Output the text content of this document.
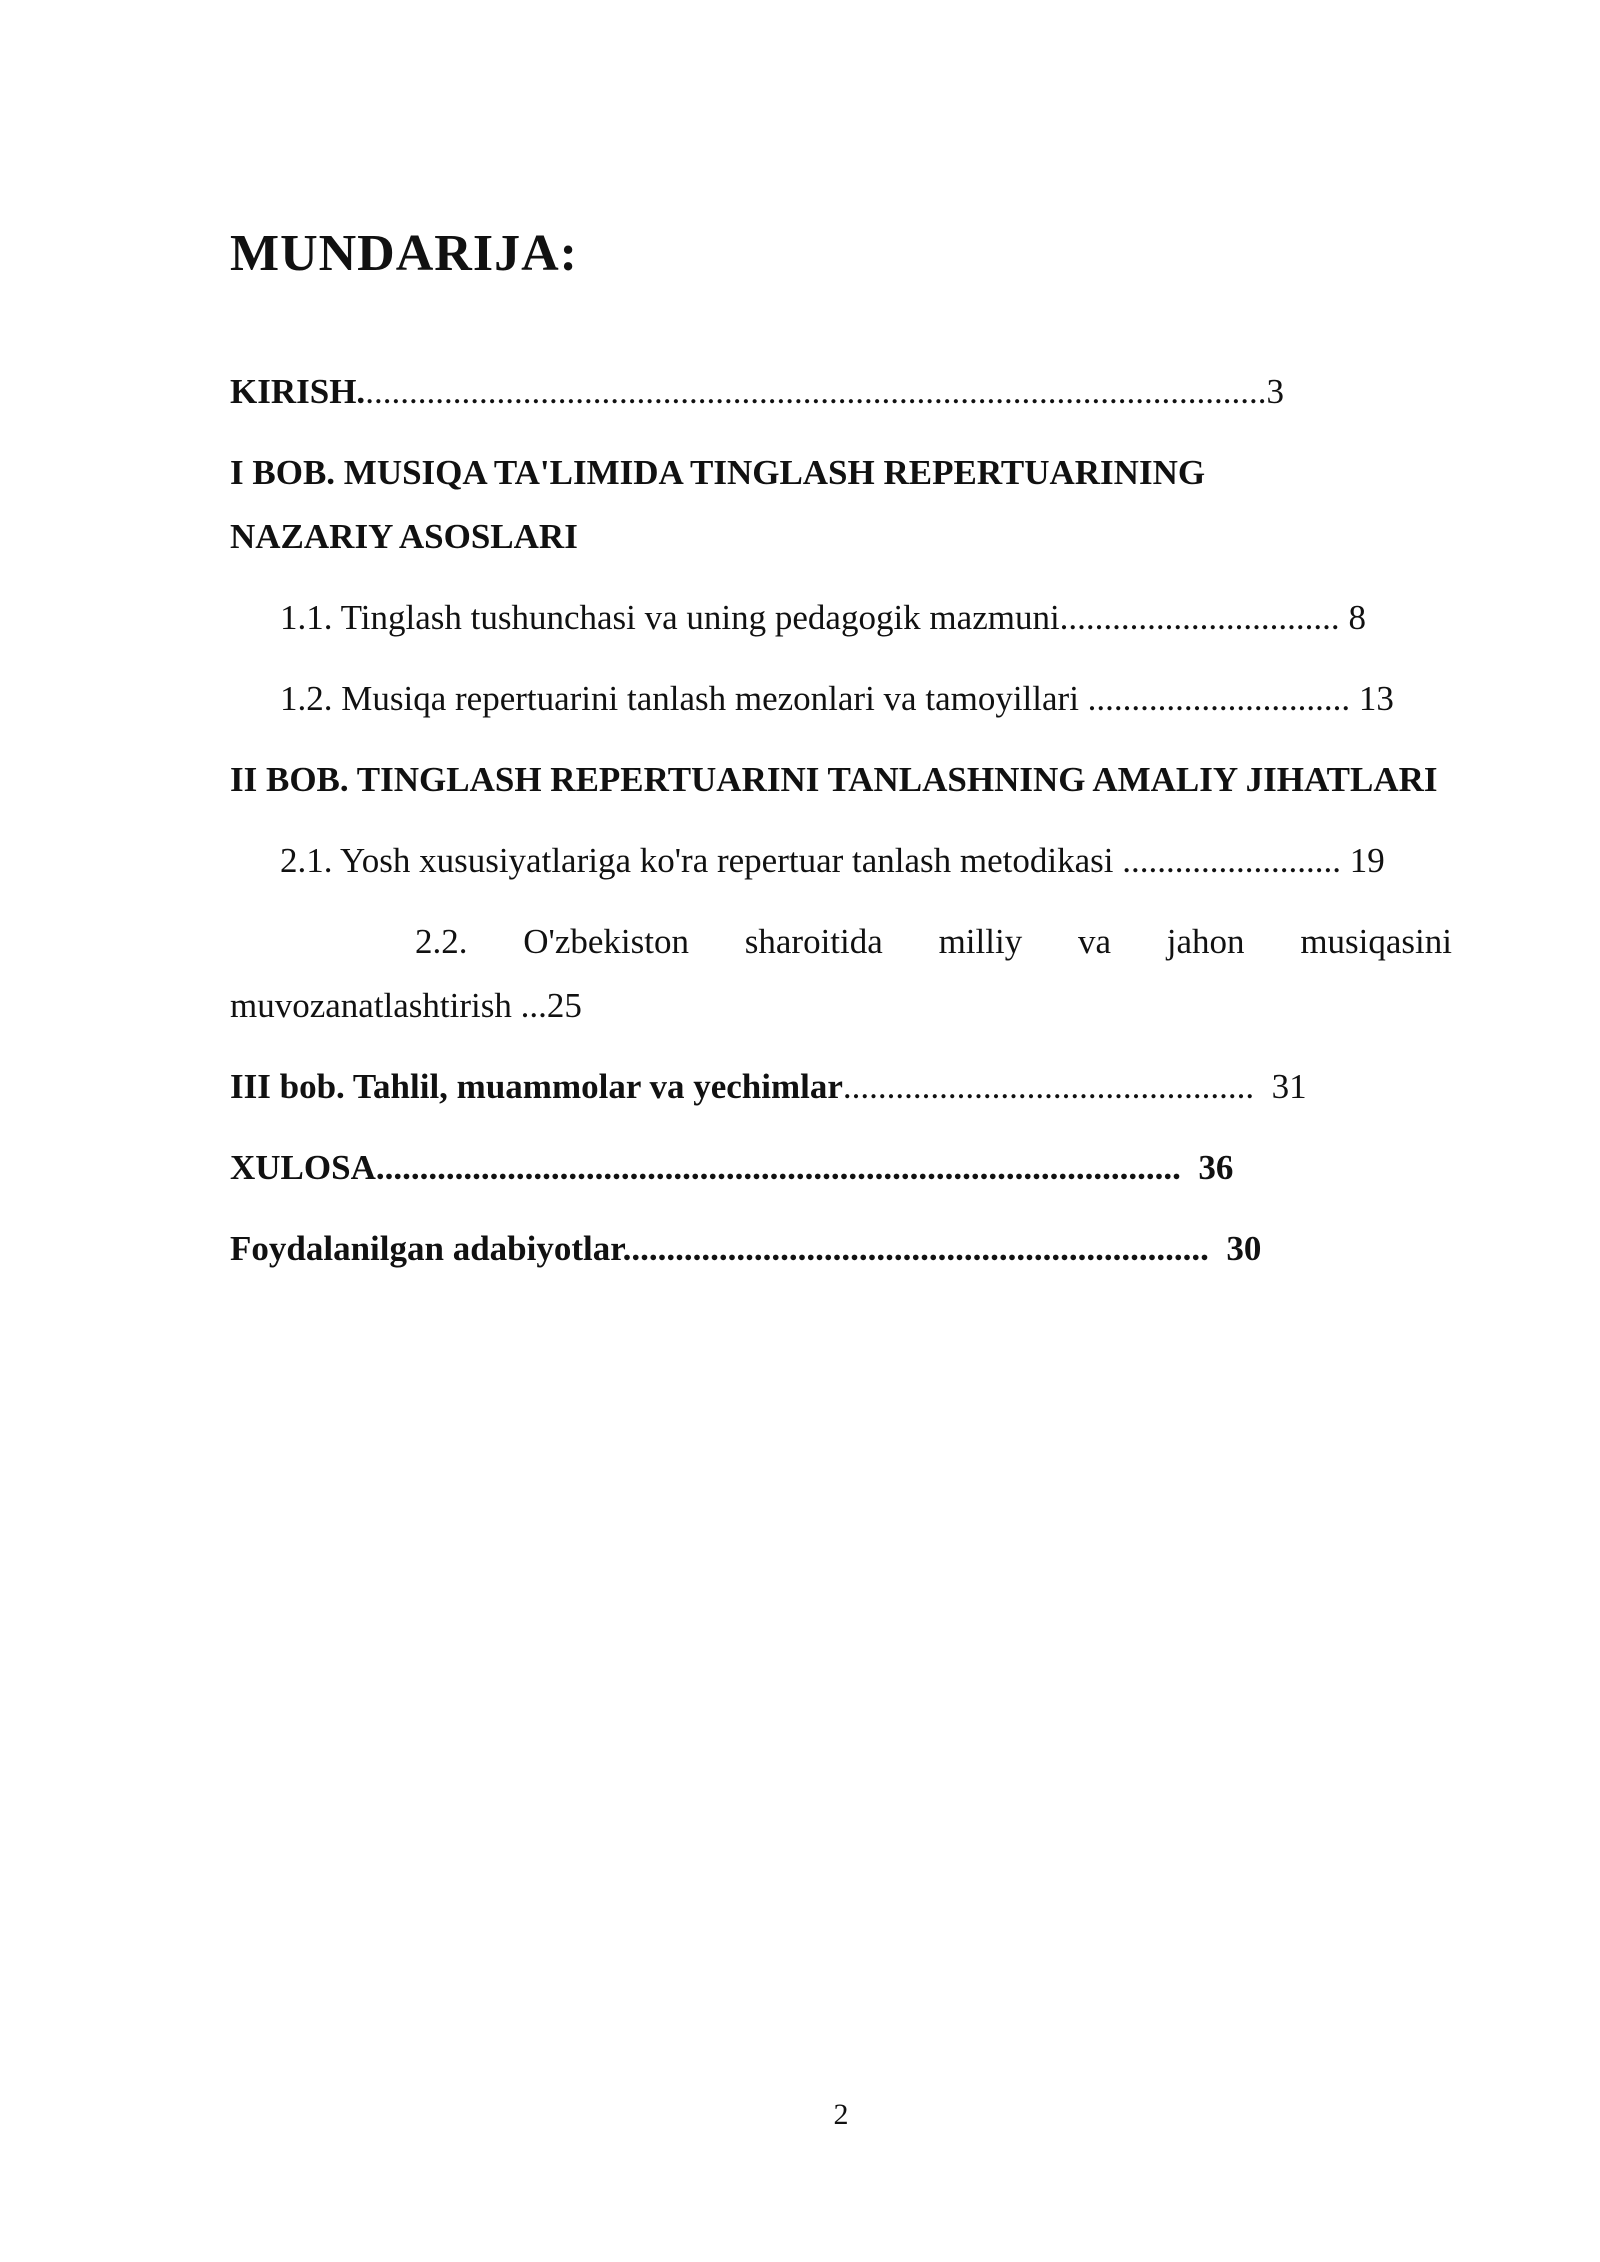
MUNDARIJA:
KIRISH........................................................................................................3
I BOB. MUSIQA TA'LIMIDA TINGLASH REPERTUARINING
NAZARIY ASOSLARI
1.1. Tinglash tushunchasi va uning pedagogik mazmuni................................ 8
1.2. Musiqa repertuarini tanlash mezonlari va tamoyillari .............................. 13
II BOB. TINGLASH REPERTUARINI TANLASHNING AMALIY JIHATLARI
2.1. Yosh xususiyatlariga ko'ra repertuar tanlash metodikasi ......................... 19
2.2. O'zbekiston sharoitida milliy va jahon musiqasini muvozanatlashtirish ...25
III bob. Tahlil, muammolar va yechimlar............................................... 31
XULOSA............................................................................................ 36
Foydalanilgan adabiyotlar................................................................... 30
2
